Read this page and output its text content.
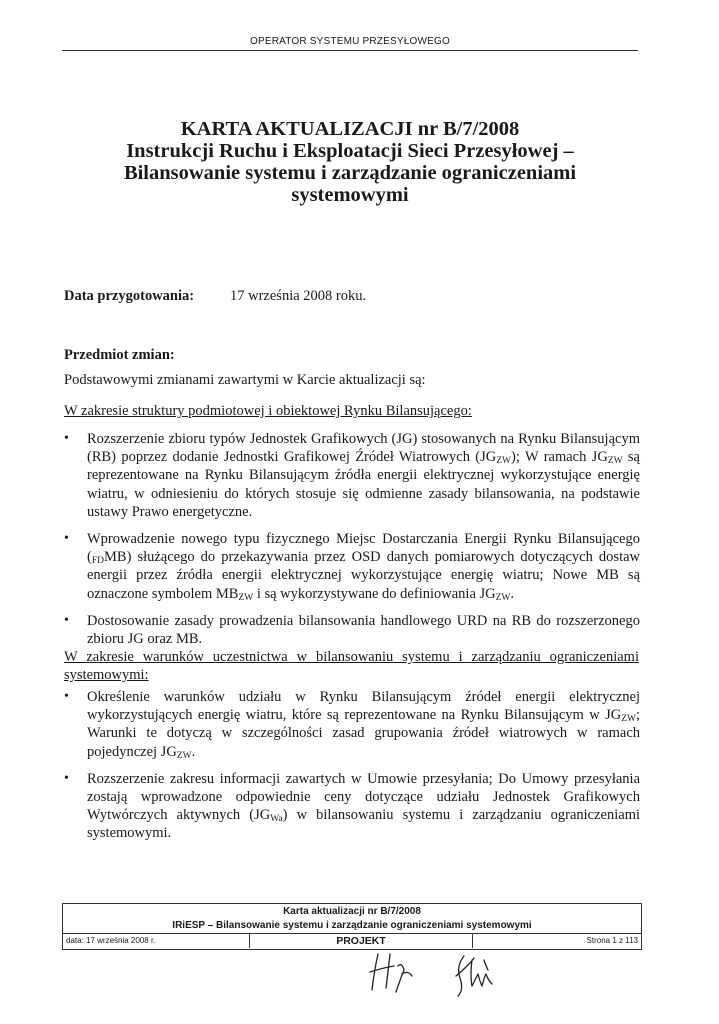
OPERATOR SYSTEMU PRZESYŁOWEGO
KARTA AKTUALIZACJI nr B/7/2008
Instrukcji Ruchu i Eksploatacji Sieci Przesyłowej –
Bilansowanie systemu i zarządzanie ograniczeniami
systemowymi
Data przygotowania: 17 września 2008 roku.
Przedmiot zmian:
Podstawowymi zmianami zawartymi w Karcie aktualizacji są:
W zakresie struktury podmiotowej i obiektowej Rynku Bilansującego:
• Rozszerzenie zbioru typów Jednostek Grafikowych (JG) stosowanych na Rynku Bilansującym (RB) poprzez dodanie Jednostki Grafikowej Źródeł Wiatrowych $(JG_{ZW})$; W ramach $JG_{ZW}$ są reprezentowane na Rynku Bilansującym źródła energii elektrycznej wykorzystujące energię wiatru, w odniesieniu do których stosuje się odmienne zasady bilansowania, na podstawie ustawy Prawo energetyczne.
• Wprowadzenie nowego typu fizycznego Miejsc Dostarczania Energii Rynku Bilansującego $(_{FD}MB)$ służącego do przekazywania przez OSD danych pomiarowych dotyczących dostaw energii przez źródła energii elektrycznej wykorzystujące energię wiatru; Nowe MB są oznaczone symbolem $MB_{ZW}$ i są wykorzystywane do definiowania $JG_{ZW}$.
• Dostosowanie zasady prowadzenia bilansowania handlowego URD na RB do rozszerzonego zbioru JG oraz MB.
W zakresie warunków uczestnictwa w bilansowaniu systemu i zarządzaniu ograniczeniami systemowymi:
• Określenie warunków udziału w Rynku Bilansującym źródeł energii elektrycznej wykorzystujących energię wiatru, które są reprezentowane na Rynku Bilansującym w $JG_{ZW}$; Warunki te dotyczą w szczególności zasad grupowania źródeł wiatrowych w ramach pojedynczej $JG_{ZW}$.
• Rozszerzenie zakresu informacji zawartych w Umowie przesyłania; Do Umowy przesyłania zostają wprowadzone odpowiednie ceny dotyczące udziału Jednostek Grafikowych Wytwórczych aktywnych $(JG_{Wa})$ w bilansowaniu systemu i zarządzaniu ograniczeniami systemowymi.
Karta aktualizacji nr B/7/2008
IRiESP – Bilansowanie systemu i zarządzanie ograniczeniami systemowymi
data: 17 września 2008 r.	PROJEKT	Strona 1 z 113
